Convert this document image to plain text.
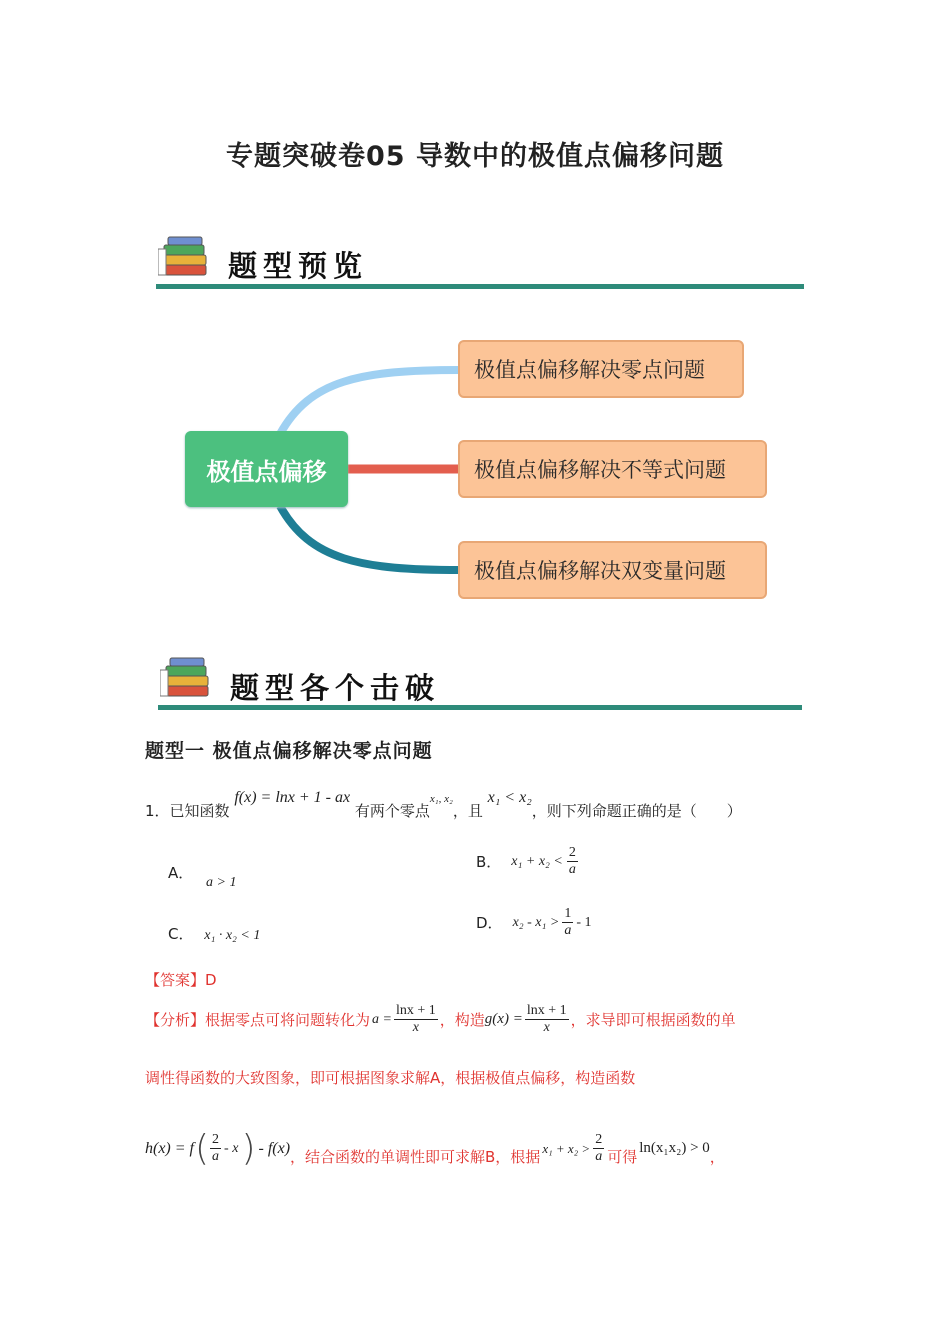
专题突破卷05 导数中的极值点偏移问题
题型预览
极值点偏移
极值点偏移解决零点问题
极值点偏移解决不等式问题
极值点偏移解决双变量问题
题型各个击破
题型一 极值点偏移解决零点问题
1．已知函数 f(x) = lnx + 1 - ax 有两个零点x₁, x₂，且 x₁ < x₂，则下列命题正确的是（　　）
A． a > 1
B． $x_1 + x_2 < \frac{2}{a}$
C． x₁ · x₂ < 1
D． $x_2 - x_1 > \frac{1}{a} - 1$
【答案】D
【分析】 根据零点可将问题转化为 $a = \frac{\ln x + 1}{x}$ ，构造 $g(x) = \frac{\ln x + 1}{x}$ ，求导即可根据函数的单
调性得函数的大致图象，即可根据图象求解A，根据极值点偏移，构造函数
h(x) = f ( $\frac{2}{a}$ - x ) - f(x) ，结合函数的单调性即可求解B，根据 $x_1 + x_2 > \frac{2}{a}$ 可得 ln(x₁x₂) > 0 ，
